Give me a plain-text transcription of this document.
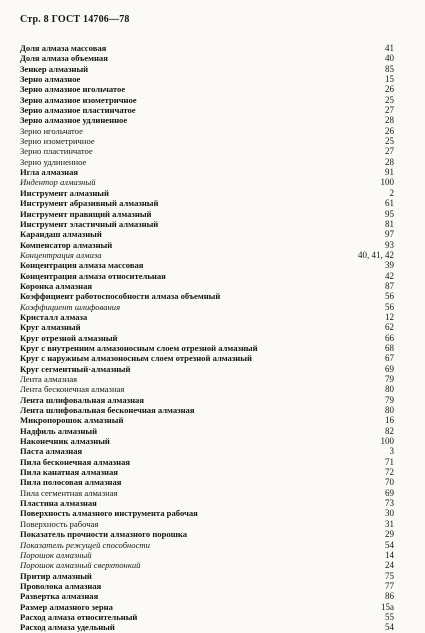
Стр. 8 ГОСТ 14706—78
Доля алмаза массовая	41
Доля алмаза объемная	40
Зенкер алмазный	85
Зерно алмазное	15
Зерно алмазное игольчатое	26
Зерно алмазное изометричное	25
Зерно алмазное пластинчатое	27
Зерно алмазное удлиненное	28
Зерно игольчатое	26
Зерно изометричное	25
Зерно пластинчатое	27
Зерно удлиненное	28
Игла алмазная	91
Индентор алмазный	100
Инструмент алмазный	2
Инструмент абразивный алмазный	61
Инструмент правящий алмазный	95
Инструмент эластичный алмазный	81
Карандаш алмазный	97
Компенсатор алмазный	93
Концентрация алмаза	40, 41, 42
Концентрация алмаза массовая	39
Концентрация алмаза относительная	42
Коронка алмазная	87
Коэффициент работоспособности алмаза объемный	56
Коэффициент шлифования	56
Кристалл алмаза	12
Круг алмазный	62
Круг отрезной алмазный	66
Круг с внутренним алмазоносным слоем отрезной алмазный	68
Круг с наружным алмазоносным слоем отрезной алмазный	67
Круг сегментный·алмазный	69
Лента алмазная	79
Лента бесконечная алмазная	80
Лента шлифовальная алмазная	79
Лента шлифовальная бесконечная алмазная	80
Микропорошок алмазный	16
Надфиль алмазный	82
Наконечник алмазный	100
Паста алмазная	3
Пила бесконечная алмазная	71
Пила канатная алмазная	72
Пила полосовая алмазная	70
Пила сегментная алмазная	69
Пластина алмазная	73
Поверхность алмазного инструмента рабочая	30
Поверхность рабочая	31
Показатель прочности алмазного порошка	29
Показатель режущей способности	54
Порошок алмазный	14
Порошок алмазный сверхтонкий	24
Притир алмазный	75
Проволока алмазная	77
Развертка алмазная	86
Размер алмазного зерна	15а
Расход алмаза относительный	55
Расход алмаза удельный	54
